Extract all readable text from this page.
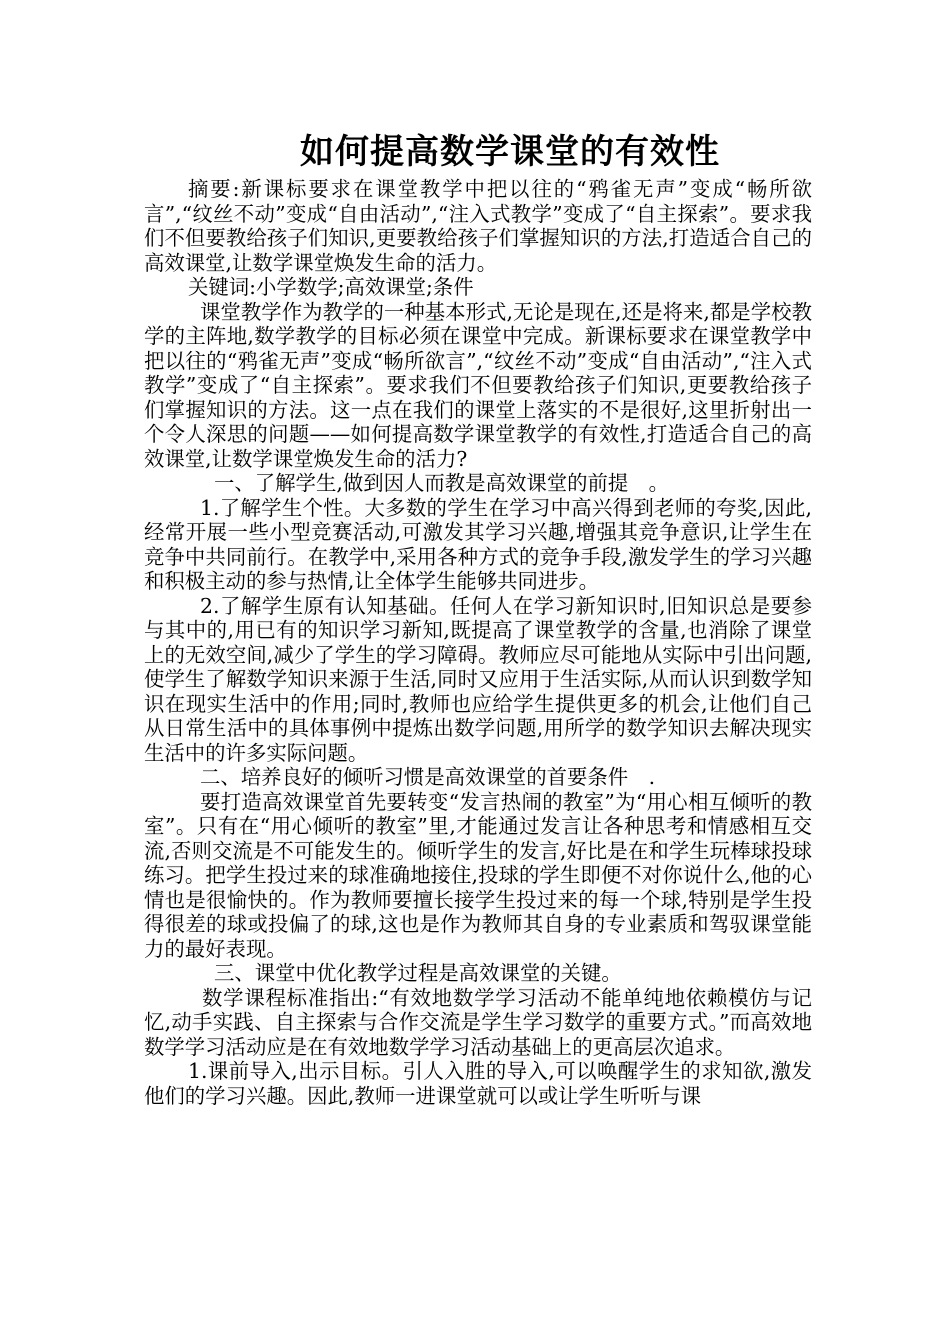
如何提高数学课堂的有效性

摘要:新课标要求在课堂教学中把以往的“鸦雀无声”变成“畅所欲言”,“纹丝不动”变成“自由活动”,“注入式教学”变成了“自主探索”。要求我们不但要教给孩子们知识,更要教给孩子们掌握知识的方法,打造适合自己的高效课堂,让数学课堂焕发生命的活力。

关键词:小学数学;高效课堂;条件

课堂教学作为教学的一种基本形式,无论是现在,还是将来,都是学校教学的主阵地,数学教学的目标必须在课堂中完成。新课标要求在课堂教学中把以往的“鸦雀无声”变成“畅所欲言”,“纹丝不动”变成“自由活动”,“注入式教学”变成了“自主探索”。要求我们不但要教给孩子们知识,更要教给孩子们掌握知识的方法。这一点在我们的课堂上落实的不是很好,这里折射出一个令人深思的问题——如何提高数学课堂教学的有效性,打造适合自己的高效课堂,让数学课堂焕发生命的活力?

一、了解学生,做到因人而教是高效课堂的前提　。

1.了解学生个性。大多数的学生在学习中高兴得到老师的夸奖,因此,经常开展一些小型竞赛活动,可激发其学习兴趣,增强其竞争意识,让学生在竞争中共同前行。在教学中,采用各种方式的竞争手段,激发学生的学习兴趣和积极主动的参与热情,让全体学生能够共同进步。

2.了解学生原有认知基础。任何人在学习新知识时,旧知识总是要参与其中的,用已有的知识学习新知,既提高了课堂教学的含量,也消除了课堂上的无效空间,减少了学生的学习障碍。教师应尽可能地从实际中引出问题,使学生了解数学知识来源于生活,同时又应用于生活实际,从而认识到数学知识在现实生活中的作用;同时,教师也应给学生提供更多的机会,让他们自己从日常生活中的具体事例中提炼出数学问题,用所学的数学知识去解决现实生活中的许多实际问题。

二、培养良好的倾听习惯是高效课堂的首要条件　.

要打造高效课堂首先要转变“发言热闹的教室”为“用心相互倾听的教室”。只有在“用心倾听的教室”里,才能通过发言让各种思考和情感相互交流,否则交流是不可能发生的。倾听学生的发言,好比是在和学生玩棒球投球练习。把学生投过来的球准确地接住,投球的学生即便不对你说什么,他的心情也是很愉快的。作为教师要擅长接学生投过来的每一个球,特别是学生投得很差的球或投偏了的球,这也是作为教师其自身的专业素质和驾驭课堂能力的最好表现。

三、课堂中优化教学过程是高效课堂的关键。

数学课程标准指出:“有效地数学学习活动不能单纯地依赖模仿与记忆,动手实践、自主探索与合作交流是学生学习数学的重要方式。”而高效地数学学习活动应是在有效地数学学习活动基础上的更高层次追求。

1.课前导入,出示目标。引人入胜的导入,可以唤醒学生的求知欲,激发他们的学习兴趣。因此,教师一进课堂就可以或让学生听听与课
